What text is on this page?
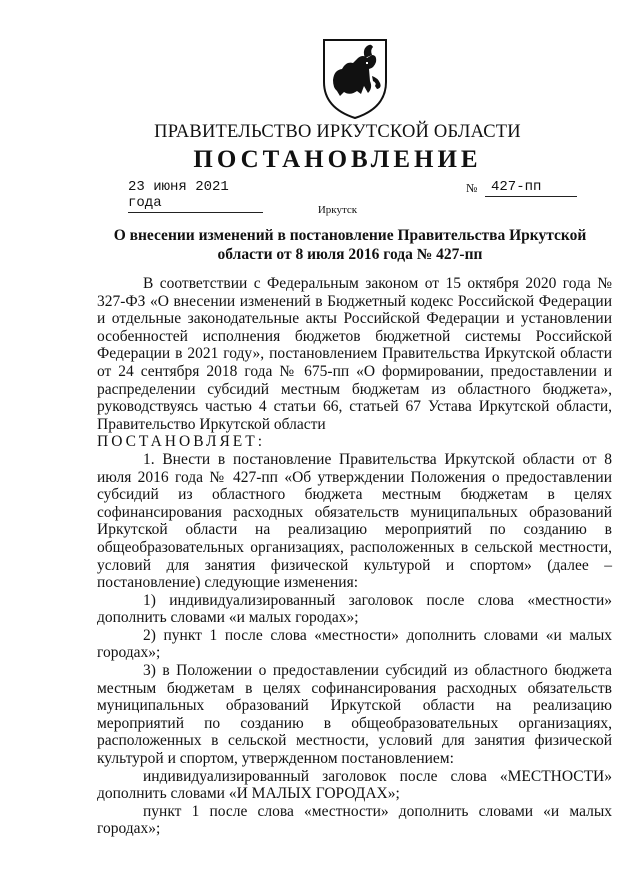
ПРАВИТЕЛЬСТВО ИРКУТСКОЙ ОБЛАСТИ
ПОСТАНОВЛЕНИЕ
23 июня 2021 года
№ 427-пп
Иркутск
О внесении изменений в постановление Правительства Иркутской области от 8 июля 2016 года № 427-пп

В соответствии с Федеральным законом от 15 октября 2020 года № 327-ФЗ «О внесении изменений в Бюджетный кодекс Российской Федерации и отдельные законодательные акты Российской Федерации и установлении особенностей исполнения бюджетов бюджетной системы Российской Федерации в 2021 году», постановлением Правительства Иркутской области от 24 сентября 2018 года № 675-пп «О формировании, предоставлении и распределении субсидий местным бюджетам из областного бюджета», руководствуясь частью 4 статьи 66, статьей 67 Устава Иркутской области, Правительство Иркутской области

ПОСТАНОВЛЯЕТ:

1. Внести в постановление Правительства Иркутской области от 8 июля 2016 года № 427-пп «Об утверждении Положения о предоставлении субсидий из областного бюджета местным бюджетам в целях софинансирования расходных обязательств муниципальных образований Иркутской области на реализацию мероприятий по созданию в общеобразовательных организациях, расположенных в сельской местности, условий для занятия физической культурой и спортом» (далее – постановление) следующие изменения:

1) индивидуализированный заголовок после слова «местности» дополнить словами «и малых городах»;

2) пункт 1 после слова «местности» дополнить словами «и малых городах»;

3) в Положении о предоставлении субсидий из областного бюджета местным бюджетам в целях софинансирования расходных обязательств муниципальных образований Иркутской области на реализацию мероприятий по созданию в общеобразовательных организациях, расположенных в сельской местности, условий для занятия физической культурой и спортом, утвержденном постановлением:

индивидуализированный заголовок после слова «МЕСТНОСТИ» дополнить словами «И МАЛЫХ ГОРОДАХ»;

пункт 1 после слова «местности» дополнить словами «и малых городах»;
